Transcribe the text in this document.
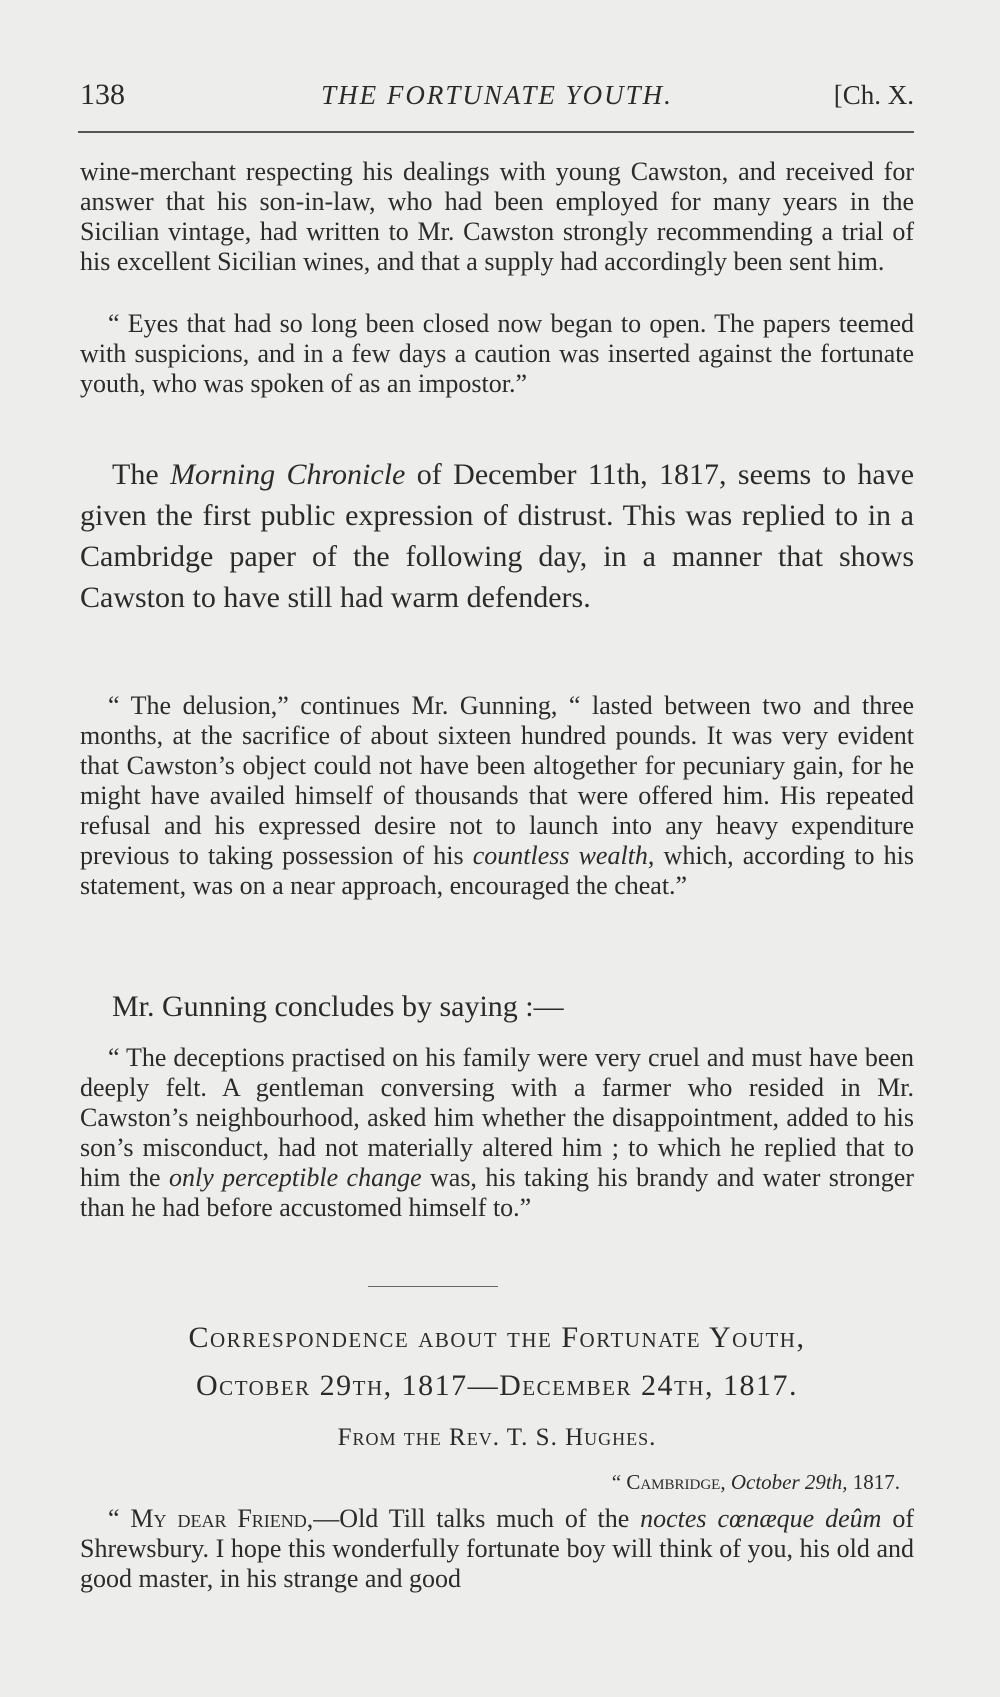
138	THE FORTUNATE YOUTH.	[Ch. X.

wine-merchant respecting his dealings with young Cawston, and received for answer that his son-in-law, who had been employed for many years in the Sicilian vintage, had written to Mr. Cawston strongly recommending a trial of his excellent Sicilian wines, and that a supply had accordingly been sent him.

“ Eyes that had so long been closed now began to open. The papers teemed with suspicions, and in a few days a caution was inserted against the fortunate youth, who was spoken of as an impostor.”

The Morning Chronicle of December 11th, 1817, seems to have given the first public expression of distrust. This was replied to in a Cambridge paper of the following day, in a manner that shows Cawston to have still had warm defenders.

“ The delusion,” continues Mr. Gunning, “ lasted between two and three months, at the sacrifice of about sixteen hundred pounds. It was very evident that Cawston’s object could not have been altogether for pecuniary gain, for he might have availed himself of thousands that were offered him. His repeated refusal and his expressed desire not to launch into any heavy expenditure previous to taking possession of his countless wealth, which, according to his statement, was on a near approach, encouraged the cheat.”

Mr. Gunning concludes by saying :—

“ The deceptions practised on his family were very cruel and must have been deeply felt. A gentleman conversing with a farmer who resided in Mr. Cawston’s neighbourhood, asked him whether the disappointment, added to his son’s misconduct, had not materially altered him ; to which he replied that to him the only perceptible change was, his taking his brandy and water stronger than he had before accustomed himself to.”

Correspondence about the Fortunate Youth,
October 29th, 1817—December 24th, 1817.
From the Rev. T. S. Hughes.
“ Cambridge, October 29th, 1817.

“ My dear Friend,—Old Till talks much of the noctes cœnæque deûm of Shrewsbury. I hope this wonderfully fortunate boy will think of you, his old and good master, in his strange and good
